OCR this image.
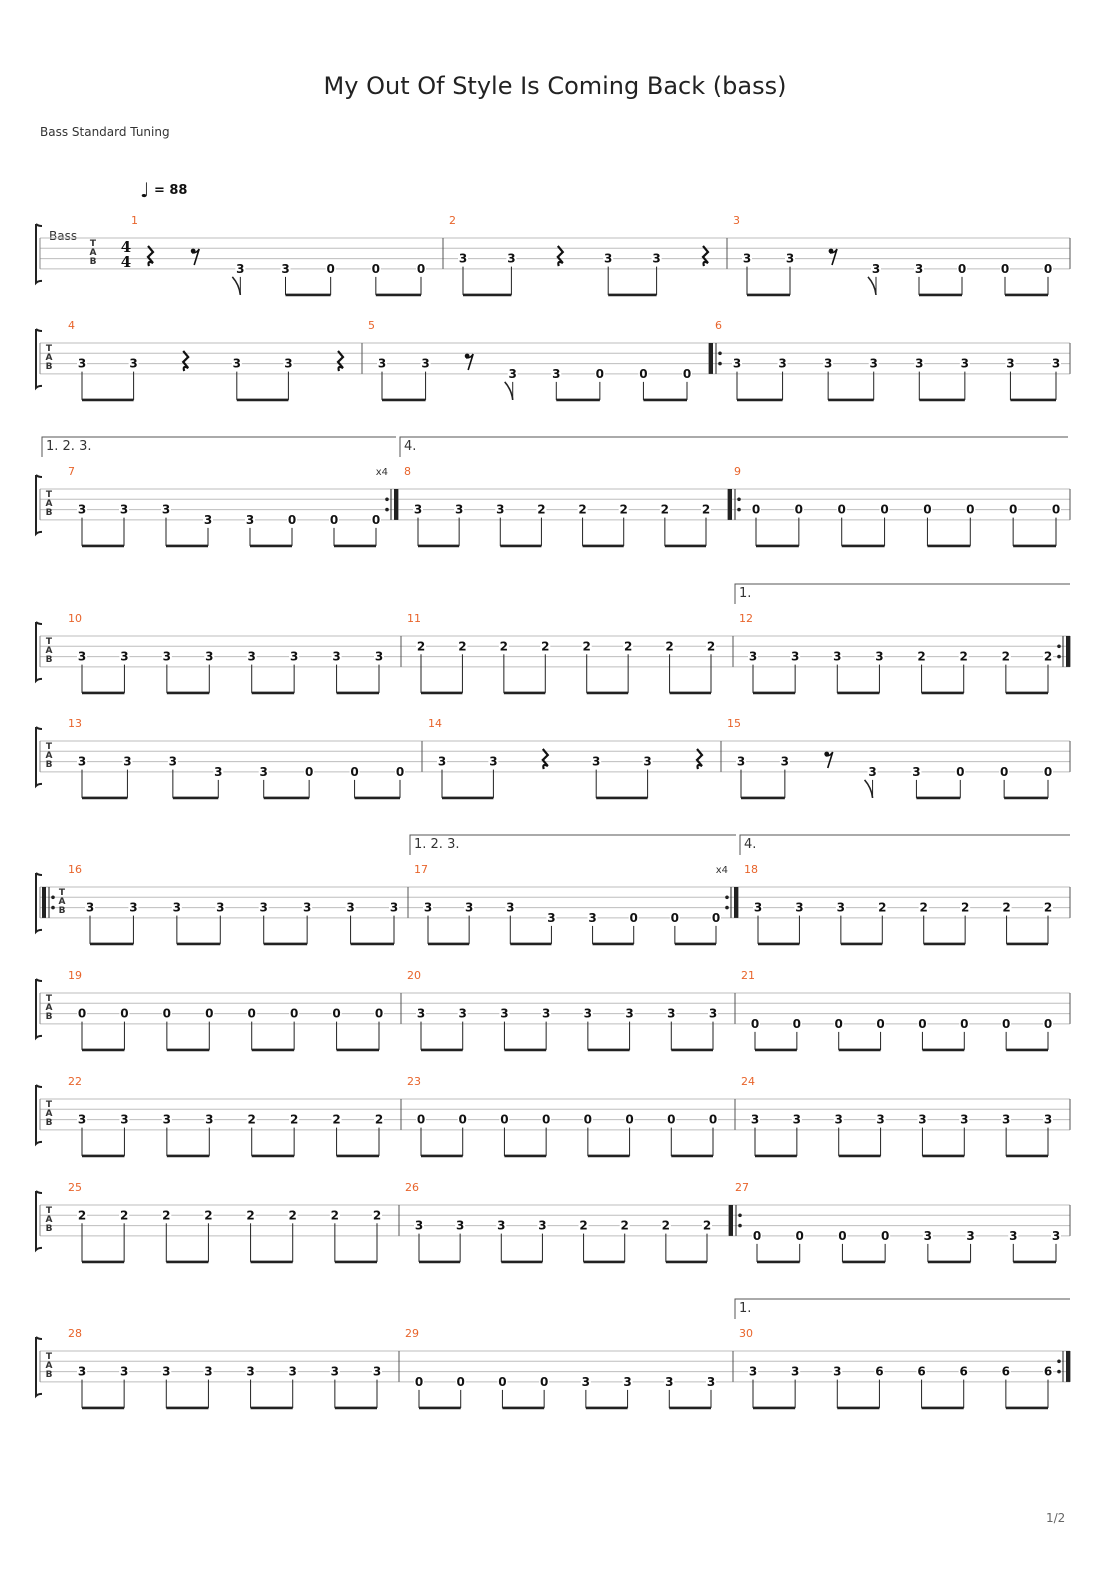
My Out Of Style Is Coming Back (bass)
Bass Standard Tuning
♩ = 88
Bass
T
A
B
4
4
1
3	3	0	0	0
2
3	3	3	3
3
3	3
3	3	0	0	0
T
A
B
4
3	3	3	3
5
3	3
3	3	0	0	0
6
3	3	3	3	3	3	3	3
T
A
B
7	x4
1. 2. 3.
3	3	3
3	3	0	0	0
8
4.
3	3	3	2	2	2	2	2
9
0	0	0	0	0	0	0	0
T
A
B
10
3	3	3	3	3	3	3	3
11
2	2	2	2	2	2	2	2
12
1.
3	3	3	3	2	2	2	2
T
A
B
13
3	3	3
3	3	0	0	0
14
3	3	3	3
15
3	3
3	3	0	0	0
T
A
B
16
3	3	3	3	3	3	3	3
17	x4
1. 2. 3.
3	3	3
3	3	0	0	0
18
4.
3	3	3	2	2	2	2	2
T
A
B
19
0	0	0	0	0	0	0	0
20
3	3	3	3	3	3	3	3
21
0	0	0	0	0	0	0	0
T
A
B
22
3	3	3	3	2	2	2	2
23
0	0	0	0	0	0	0	0
24
3	3	3	3	3	3	3	3
T
A
B
25
2	2	2	2	2	2	2	2
26
3	3	3	3	2	2	2	2
27
0	0	0	0	3	3	3	3
T
A
B
28
3	3	3	3	3	3	3	3
29
0	0	0	0	3	3	3	3
30
1.
3	3	3	6	6	6	6	6
1/2
